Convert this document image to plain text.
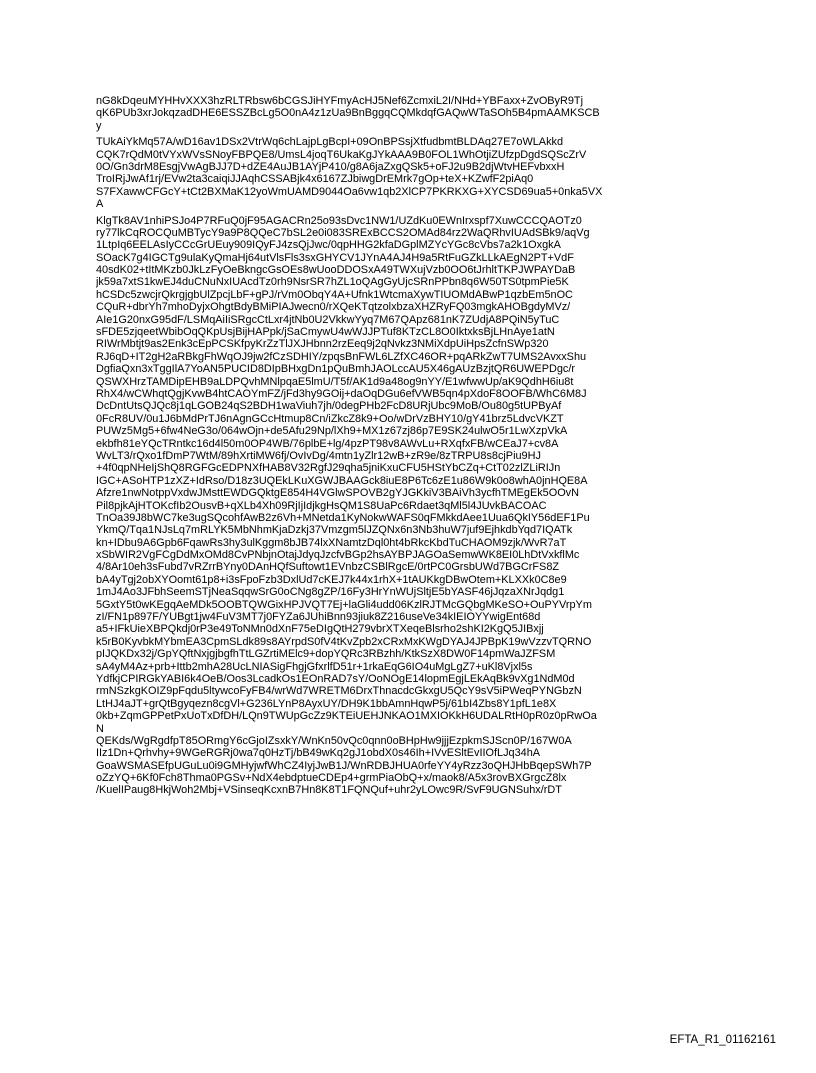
nG8kDqeuMYHHvXXX3hzRLTRbsw6bCGSJiHYFmyAcHJ5Nef6ZcmxiL2I/NHd+YBFaxx+ZvOByR9Tj
qK6PUb3xrJokqzadDHE6ESSZBcLg5O0nA4z1zUa9BnBggqCQMkdqfGAQwWTaSOh5B4pmAAMKSCB
y
TUkAiYkMq57A/wD16av1DSx2VtrWq6chLajpLgBcpI+09OnBPSsjXtfudbmtBLDAq27E7oWLAkkd
CQK7rQdM0tVYxWVsSNoyFBPQE8/UmsL4joqT6UkaKgJYkAAA9B0FOL1WhOtjiZUfzpDgdSQScZrV
0O/Gn3drM8EsgjVwAgBJJ7D+dZE4AuJB1AYjP410/g8A6jaZxgQSk5+oFJ2u9B2djWtvHEFvbxxH
TroIRjJwAf1rj/EVw2ta3caiqiJJAqhCSSABjk4x6167ZJbiwgDrEMrk7gOp+teX+KZwfF2piAq0
S7FXawwCFGcY+tCt2BXMaK12yoWmUAMD9044Oa6vw1qb2XlCP7PKRKXG+XYCSD69ua5+0nka5VX
A
KlgTk8AV1nhiPSJo4P7RFuQ0jF95AGACRn25o93sDvc1NW1/UZdKu0EWnIrxspf7XuwCCCQAOTz0
ry77lkCqROCQuMBTycY9a9P8QQeC7bSL2e0i083SRExBCCS2OMAd84rz2WaQRhvIUAdSBk9/aqVg
1LtpIq6EELAsIyCCcGrUEuy909IQyFJ4zsQjJwc/0qpHHG2kfaDGplMZYcYGc8cVbs7a2k1OxgkA
SOacK7g4IGCTg9ulaKyQmaHj64utVlsFls3sxGHYCV1JYnA4AJ4H9a5RtFuGZkLLkAEgN2PT+VdF
40sdK02+tItMKzb0JkLzFyOeBkngcGsOEs8wUooDDOSxA49TWXujVzb0OO6tJrhltTKPJWPAYDaB
jk59a7xtS1kwEJ4duCNuNxIUAcdTz0rh9NsrSR7hZL1oQAgGyUjcSRnPPbn8q6W50TS0tpmPie5K
hCSDc5zwcjrQkrgjgbUlZpcjLbF+gPJ/rVm0ObqY4A+Ufnk1WtcmaXywTIUOMdABwP1qzbEm5nOC
CQuR+dbrYh7mhoDyjxOhgtBdyBMiPIAJwecn0/rXQeKTqtzolxbzaXHZRyFQ03mgkAHOBgdyMVz/
AIe1G20nxG95dF/LSMqAiIiSRgcCtLxr4jtNb0U2VkkwYyq7M67QApz681nK7ZUdjA8PQiN5yTuC
sFDE5zjqeetWbibOqQKpUsjBijHAPpk/jSaCmywU4wWJJPTuf8KTzCL8O0IktxksBjLHnAye1atN
RIWrMbtjt9as2Enk3cEpPCSKfpyKrZzTlJXJHbnn2rzEeq9j2qNvkz3NMiXdpUiHpsZcfnSWp320
RJ6qD+IT2gH2aRBkgFhWqOJ9jw2fCzSDHIY/zpqsBnFWL6LZfXC46OR+pqARkZwT7UMS2AvxxShu
DgfiaQxn3xTggIlA7YoAN5PUCID8DIpBHxgDn1pQuBmhJAOLccAU5X46gAUzBzjtQR6UWEPDgc/r
QSWXHrzTAMDipEHB9aLDPQvhMNlpqaE5lmU/T5f/AK1d9a48og9nYY/E1wfwwUp/aK9QdhH6iu8t
RhX4/wCWhqtQgjKvwB4htCAOYmFZ/jFd3hy9GOij+daOqDGu6efVWB5qn4pXdoF8OOFB/WhC6M8J
DcDntUtsQJQc8j1qLGOB24qS2BDH1waViuh7jh/0degPHb2FcD8URjUbc9MoB/Ou80g5tUPByAf
0FcR8UV/0u1J6bMdPrTJ6nAgnGCcHtmup8Cn/iZkcZ8k9+Oo/wDrVzBHY10/gY41brz5LdvcVKZT
PUWz5Mg5+6fw4NeG3o/064wOjn+de5Afu29Np/lXh9+MX1z67zj86p7E9SK24ulwO5r1LwXzpVkA
ekbfh81eYQcTRntkc16d4l50m0OP4WB/76plbE+lg/4pzPT98v8AWvLu+RXqfxFB/wCEaJ7+cv8A
WvLT3/rQxo1fDmP7WtM/89hXrtiMW6fj/OvIvDg/4mtn1yZlr12wB+zR9e/8zTRPU8s8cjPiu9HJ
+4f0qpNHeIjShQ8RGFGcEDPNXfHAB8V32RgfJ29qha5jniKxuCFU5HStYbCZq+CtT02zlZLiRIJn
IGC+ASoHTP1zXZ+IdRso/D18z3UQEkLKuXGWJBAAGck8iuE8P6Tc6zE1u86W9k0o8whA0jnHQE8A
Afzre1nwNotppVxdwJMsttEWDGQktgE854H4VGlwSPOVB2gYJGKkiV3BAiVh3ycfhTMEgEk5OOvN
Pil8pjkAjHTOKcfIb2OusvB+qXLb4Xh09RjIjIdjkgHsQM1S8UaPc6Rdaet3qMl5l4JUvkBACOAC
TnOa39J8bWC7ke3ugSQcohfAwB2z6Vh+MNetda1KyNokwWAFS0qFMkkdAee1Uua6QkIY56dEF1Pu
YkmQ/Tqa1NJsLq7mRLYK5MbNhmKjaDzkj37Vmzgm5lJZQNx6n3Nb3huW7juf9EjhkdbYqd7IQATk
kn+IDbu9A6Gpb6FqawRs3hy3ulKggm8bJB74lxXNamtzDql0ht4bRkcKbdTuCHAOM9zjk/WvR7aT
xSbWIR2VgFCgDdMxOMd8CvPNbjnOtajJdyqJzcfvBGp2hsAYBPJAGOaSemwWK8EI0LhDtVxkflMc
4/8Ar10eh3sFubd7vRZrrBYny0DAnHQfSuftowt1EVnbzCSBlRgcE/0rtPC0GrsbUWd7BGCrFS8Z
bA4yTgj2obXYOomt61p8+i3sFpoFzb3DxlUd7cKEJ7k44x1rhX+1tAUKkgDBwOtem+KLXXk0C8e9
1mJ4Ao3JFbhSeemSTjNeaSqqwSrG0oCNg8gZP/16Fy3HrYnWUjSltjE5bYASF46jJqzaXNrJqdg1
5GxtY5t0wKEgqAeMDk5OOBTQWGixHPJVQT7Ej+laGli4udd06KzlRJTMcGQbgMKeSO+OuPYVrpYm
zI/FN1p897F/YUBgt1jw4FuV3MT7j0FYZa6JUhiBnn93jiuk8Z216useVe34kIEIOYYwigEnt68d
a5+IFkUieXBPQkdj0rP3e49ToNMn0dXnF75eDIgQtH279vbrXTXeqeBlsrho2shKI2KgQ5JIBxjj
k5rB0KyvbkMYbmEA3CpmSLdk89s8AYrpdS0fV4tKvZpb2xCRxMxKWgDYAJ4JPBpK19wVzzvTQRNO
pIJQKDx32j/GpYQftNxjgjbgfhTtLGZrtiMElc9+dopYQRc3RBzhh/KtkSzX8DW0F14pmWaJZFSM
sA4yM4Az+prb+Ittb2mhA28UcLNIASigFhgjGfxrlfD51r+1rkaEqG6IO4uMgLgZ7+uKl8Vjxl5s
YdfkjCPIRGkYABI6k4OeB/Oos3LcadkOs1EOnRAD7sY/OoNOgE14lopmEgjLEkAqBk9vXg1NdM0d
rmNSzkgKOIZ9pFqdu5ltywcoFyFB4/wrWd7WRETM6DrxThnacdcGkxgU5QcY9sV5iPWeqPYNGbzN
LtHJ4aJT+grQtBgyqezn8cgVl+G236LYnP8AyxUY/DH9K1bbAmnHqwP5j/61bI4Zbs8Y1pfL1e8X
0kb+ZqmGPPetPxUoTxDfDH/LQn9TWUpGcZz9KTEiUEHJNKAO1MXIOKkH6UDALRtH0pR0z0pRwOa
N
QEKds/WgRgdfpT85ORmgY6cGjoIZsxkY/WnKn50vQc0qnn0oBHpHw9jjjEzpkmSJScn0P/167W0A
IIz1Dn+Qrhvhy+9WGeRGRj0wa7q0HzTj/bB49wKq2gJ1obdX0s46Ih+IVvESltEvIIOfLJq34hA
GoaWSMASEfpUGuLu0i9GMHyjwfWhCZ4IyjJwB1J/WnRDBJHUA0rfeYY4yRzz3oQHJHbBqepSWh7P
oZzYQ+6Kf0Fch8Thma0PGSv+NdX4ebdptueCDEp4+grmPiaObQ+x/maok8/A5x3rovBXGrgcZ8lx
/KuelIPaug8HkjWoh2Mbj+VSinseqKcxnB7Hn8K8T1FQNQuf+uhr2yLOwc9R/SvF9UGNSuhx/rDT
EFTA_R1_01162161
